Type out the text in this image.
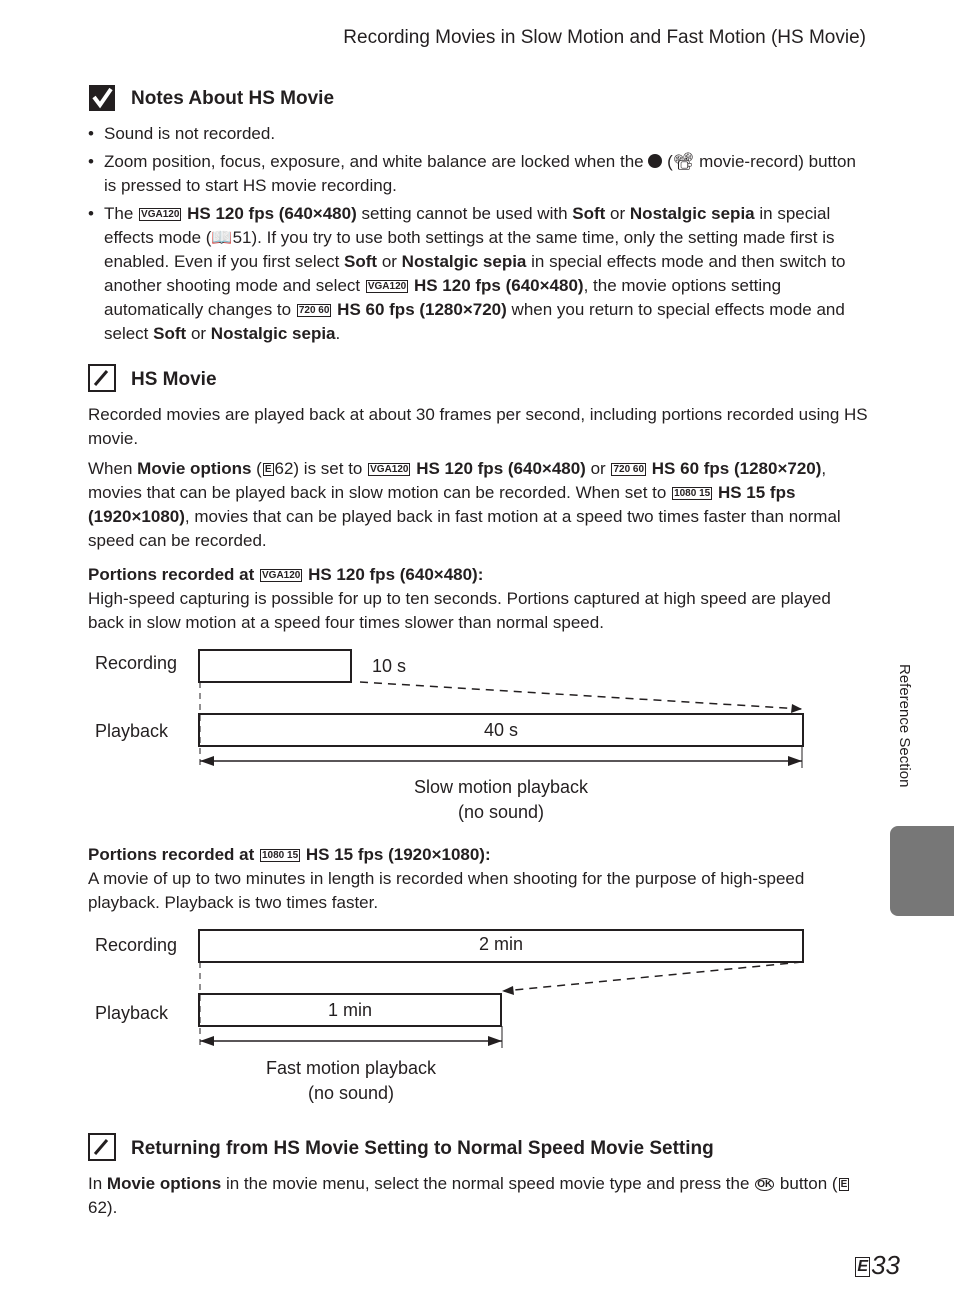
Recording Movies in Slow Motion and Fast Motion (HS Movie)
Notes About HS Movie
• Sound is not recorded.
• Zoom position, focus, exposure, and white balance are locked when the  (📽 movie-record) button is pressed to start HS movie recording.
• The VGA120 HS 120 fps (640×480) setting cannot be used with Soft or Nostalgic sepia in special effects mode (📖51). If you try to use both settings at the same time, only the setting made first is enabled. Even if you first select Soft or Nostalgic sepia in special effects mode and then switch to another shooting mode and select VGA120 HS 120 fps (640×480), the movie options setting automatically changes to 720 60 HS 60 fps (1280×720) when you return to special effects mode and select Soft or Nostalgic sepia.
HS Movie
Recorded movies are played back at about 30 frames per second, including portions recorded using HS movie.
When Movie options ( E 62) is set to VGA120 HS 120 fps (640×480) or 720 60 HS 60 fps (1280×720), movies that can be played back in slow motion can be recorded. When set to 1080 15 HS 15 fps (1920×1080), movies that can be played back in fast motion at a speed two times faster than normal speed can be recorded.
Portions recorded at VGA120 HS 120 fps (640×480):
High-speed capturing is possible for up to ten seconds. Portions captured at high speed are played back in slow motion at a speed four times slower than normal speed.
Recording
Playback
10 s
40 s
Slow motion playback
(no sound)
Portions recorded at 1080 15 HS 15 fps (1920×1080):
A movie of up to two minutes in length is recorded when shooting for the purpose of high-speed playback. Playback is two times faster.
Recording
Playback
2 min
1 min
Fast motion playback
(no sound)
Returning from HS Movie Setting to Normal Speed Movie Setting
In Movie options in the movie menu, select the normal speed movie type and press the OK button ( E62).
Reference Section
E 33
